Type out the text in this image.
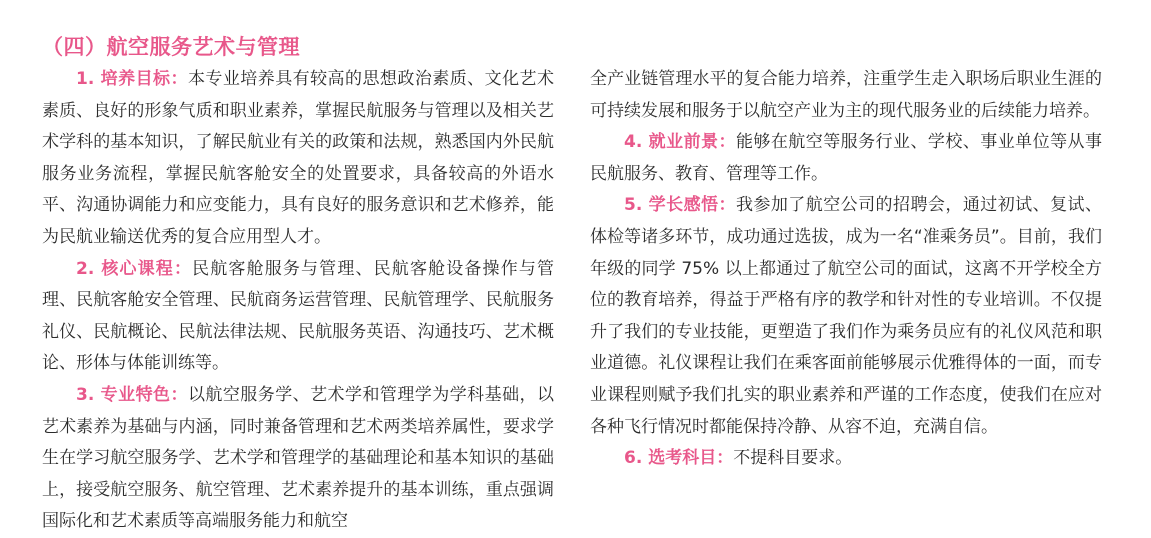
（四）航空服务艺术与管理

1. 培养目标：本专业培养具有较高的思想政治素质、文化艺术素质、良好的形象气质和职业素养，掌握民航服务与管理以及相关艺术学科的基本知识，了解民航业有关的政策和法规，熟悉国内外民航服务业务流程，掌握民航客舱安全的处置要求，具备较高的外语水平、沟通协调能力和应变能力，具有良好的服务意识和艺术修养，能为民航业输送优秀的复合应用型人才。

2. 核心课程：民航客舱服务与管理、民航客舱设备操作与管理、民航客舱安全管理、民航商务运营管理、民航管理学、民航服务礼仪、民航概论、民航法律法规、民航服务英语、沟通技巧、艺术概论、形体与体能训练等。

3. 专业特色：以航空服务学、艺术学和管理学为学科基础，以艺术素养为基础与内涵，同时兼备管理和艺术两类培养属性，要求学生在学习航空服务学、艺术学和管理学的基础理论和基本知识的基础上，接受航空服务、航空管理、艺术素养提升的基本训练，重点强调国际化和艺术素质等高端服务能力和航空

全产业链管理水平的复合能力培养，注重学生走入职场后职业生涯的可持续发展和服务于以航空产业为主的现代服务业的后续能力培养。

4. 就业前景：能够在航空等服务行业、学校、事业单位等从事民航服务、教育、管理等工作。

5. 学长感悟：我参加了航空公司的招聘会，通过初试、复试、体检等诸多环节，成功通过选拔，成为一名“准乘务员”。目前，我们年级的同学 75% 以上都通过了航空公司的面试，这离不开学校全方位的教育培养，得益于严格有序的教学和针对性的专业培训。不仅提升了我们的专业技能，更塑造了我们作为乘务员应有的礼仪风范和职业道德。礼仪课程让我们在乘客面前能够展示优雅得体的一面，而专业课程则赋予我们扎实的职业素养和严谨的工作态度，使我们在应对各种飞行情况时都能保持冷静、从容不迫，充满自信。

6. 选考科目：不提科目要求。
